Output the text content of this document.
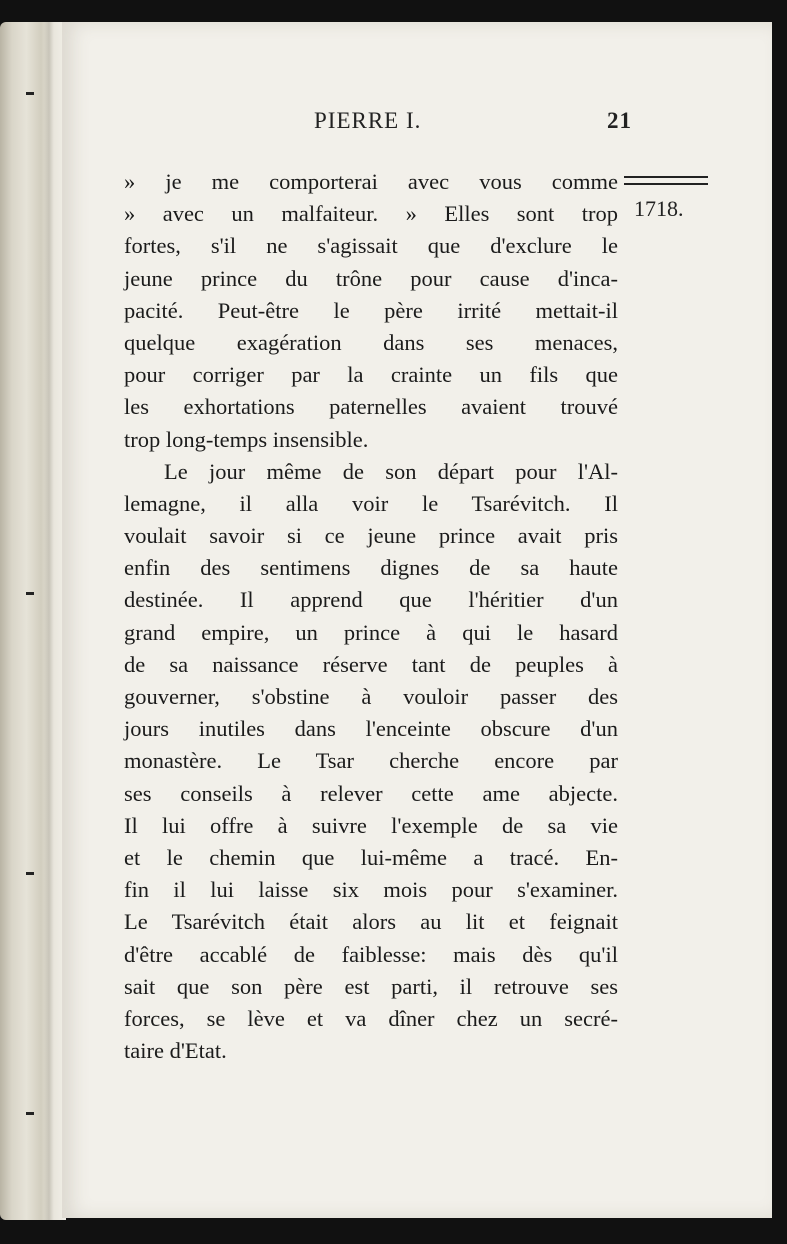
PIERRE I.	21
1718.
» je me comporterai avec vous comme
» avec un malfaiteur. » Elles sont trop
fortes, s'il ne s'agissait que d'exclure le
jeune prince du trône pour cause d'inca-
pacité. Peut-être le père irrité mettait-il
quelque exagération dans ses menaces,
pour corriger par la crainte un fils que
les exhortations paternelles avaient trouvé
trop long-temps insensible.
Le jour même de son départ pour l'Al-
lemagne, il alla voir le Tsarévitch. Il
voulait savoir si ce jeune prince avait pris
enfin des sentimens dignes de sa haute
destinée. Il apprend que l'héritier d'un
grand empire, un prince à qui le hasard
de sa naissance réserve tant de peuples à
gouverner, s'obstine à vouloir passer des
jours inutiles dans l'enceinte obscure d'un
monastère. Le Tsar cherche encore par
ses conseils à relever cette ame abjecte.
Il lui offre à suivre l'exemple de sa vie
et le chemin que lui-même a tracé. En-
fin il lui laisse six mois pour s'examiner.
Le Tsarévitch était alors au lit et feignait
d'être accablé de faiblesse: mais dès qu'il
sait que son père est parti, il retrouve ses
forces, se lève et va dîner chez un secré-
taire d'Etat.
